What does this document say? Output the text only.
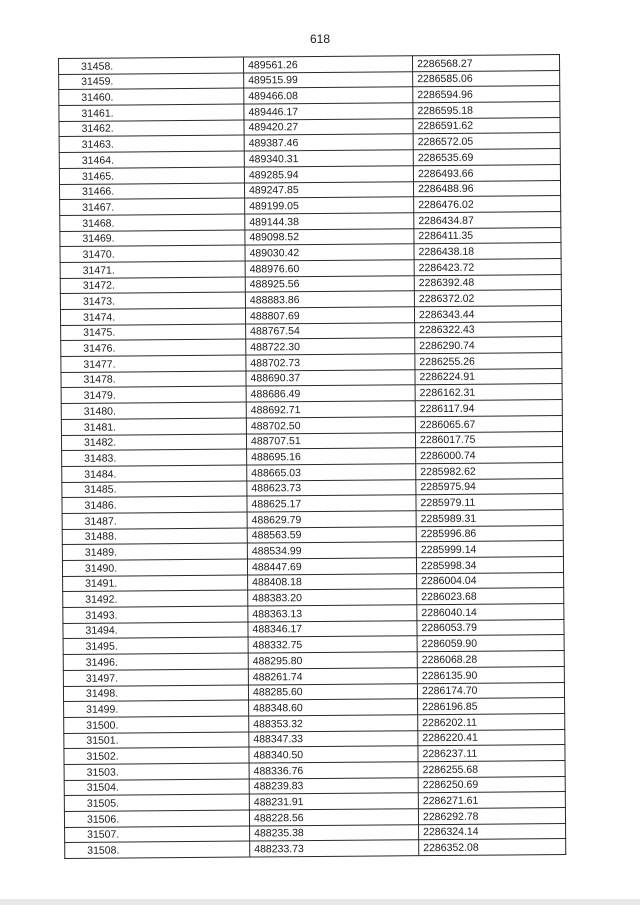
618
31458.	489561.26	2286568.27
31459.	489515.99	2286585.06
31460.	489466.08	2286594.96
31461.	489446.17	2286595.18
31462.	489420.27	2286591.62
31463.	489387.46	2286572.05
31464.	489340.31	2286535.69
31465.	489285.94	2286493.66
31466.	489247.85	2286488.96
31467.	489199.05	2286476.02
31468.	489144.38	2286434.87
31469.	489098.52	2286411.35
31470.	489030.42	2286438.18
31471.	488976.60	2286423.72
31472.	488925.56	2286392.48
31473.	488883.86	2286372.02
31474.	488807.69	2286343.44
31475.	488767.54	2286322.43
31476.	488722.30	2286290.74
31477.	488702.73	2286255.26
31478.	488690.37	2286224.91
31479.	488686.49	2286162.31
31480.	488692.71	2286117.94
31481.	488702.50	2286065.67
31482.	488707.51	2286017.75
31483.	488695.16	2286000.74
31484.	488665.03	2285982.62
31485.	488623.73	2285975.94
31486.	488625.17	2285979.11
31487.	488629.79	2285989.31
31488.	488563.59	2285996.86
31489.	488534.99	2285999.14
31490.	488447.69	2285998.34
31491.	488408.18	2286004.04
31492.	488383.20	2286023.68
31493.	488363.13	2286040.14
31494.	488346.17	2286053.79
31495.	488332.75	2286059.90
31496.	488295.80	2286068.28
31497.	488261.74	2286135.90
31498.	488285.60	2286174.70
31499.	488348.60	2286196.85
31500.	488353.32	2286202.11
31501.	488347.33	2286220.41
31502.	488340.50	2286237.11
31503.	488336.76	2286255.68
31504.	488239.83	2286250.69
31505.	488231.91	2286271.61
31506.	488228.56	2286292.78
31507.	488235.38	2286324.14
31508.	488233.73	2286352.08
